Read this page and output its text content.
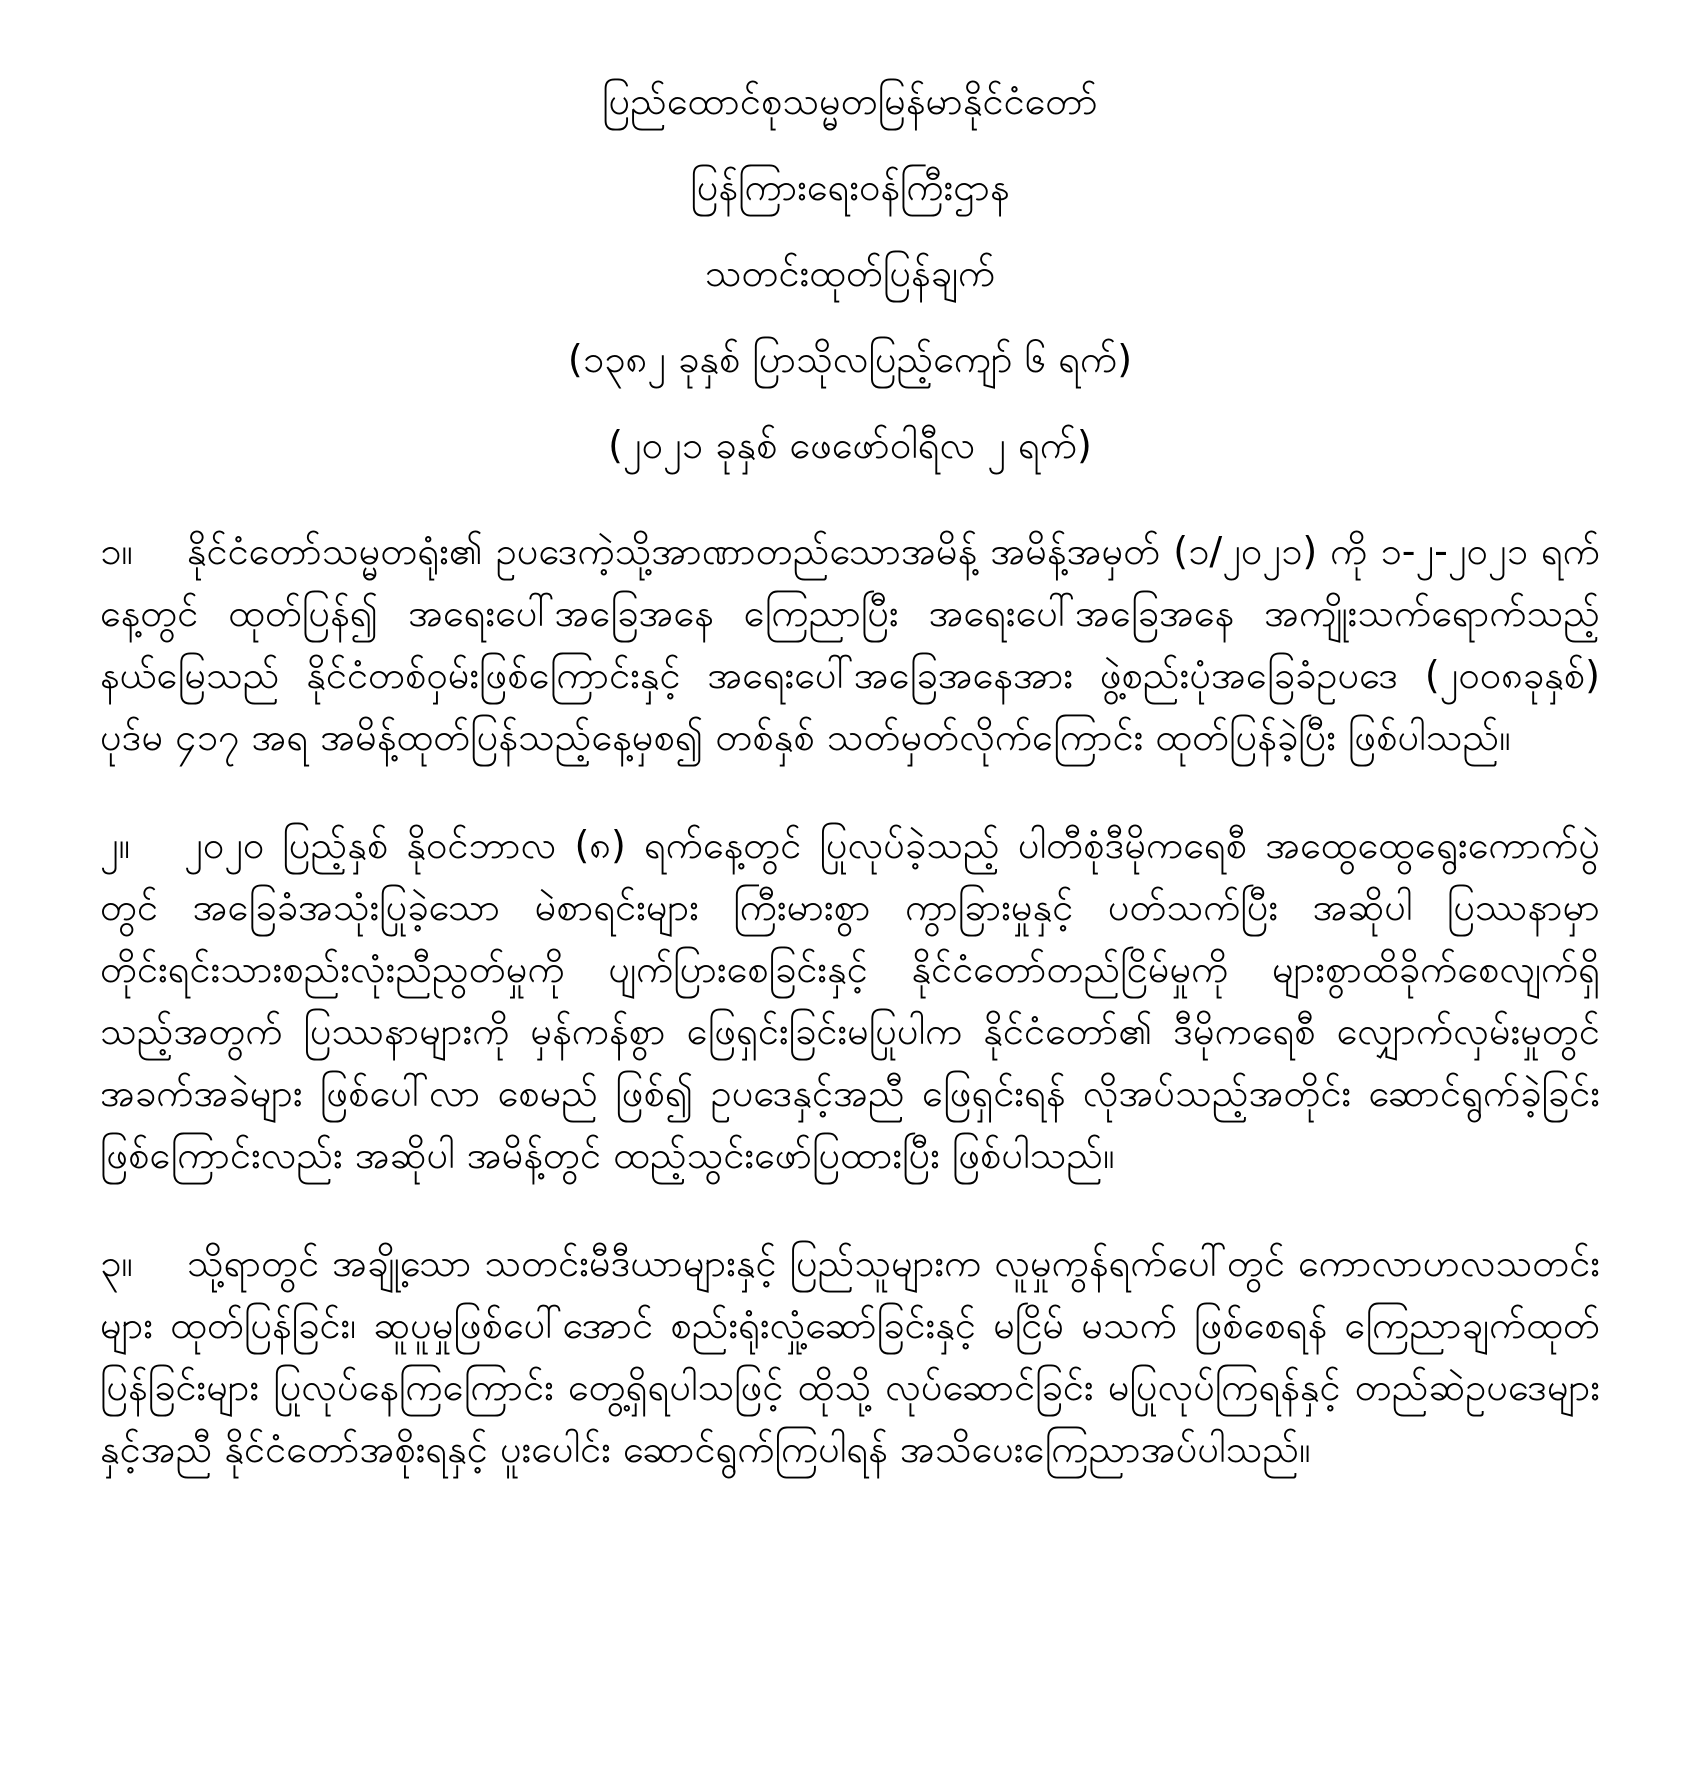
ပြည်ထောင်စုသမ္မတမြန်မာနိုင်ငံတော်
ပြန်ကြားရေးဝန်ကြီးဌာန
သတင်းထုတ်ပြန်ချက်
(၁၃၈၂ ခုနှစ် ပြာသိုလပြည့်ကျော် ၆ ရက်)
(၂၀၂၁ ခုနှစ် ဖေဖော်ဝါရီလ ၂ ရက်)

၁။ နိုင်ငံတော်သမ္မတရုံး၏ ဥပဒေကဲ့သို့အာဏာတည်သောအမိန့် အမိန့်အမှတ် (၁/၂၀၂၁) ကို ၁-၂-၂၀၂၁ ရက်နေ့တွင် ထုတ်ပြန်၍ အရေးပေါ်အခြေအနေ ကြေညာပြီး အရေးပေါ်အခြေအနေ အကျိုးသက်ရောက်သည့် နယ်မြေသည် နိုင်ငံတစ်ဝှမ်းဖြစ်ကြောင်းနှင့် အရေးပေါ်အခြေအနေအား ဖွဲ့စည်းပုံအခြေခံဥပဒေ (၂၀၀၈ခုနှစ်) ပုဒ်မ ၄၁၇ အရ အမိန့်ထုတ်ပြန်သည့်နေ့မှစ၍ တစ်နှစ် သတ်မှတ်လိုက်ကြောင်း ထုတ်ပြန်ခဲ့ပြီး ဖြစ်ပါသည်။

၂။ ၂၀၂၀ ပြည့်နှစ် နိုဝင်ဘာလ (၈) ရက်နေ့တွင် ပြုလုပ်ခဲ့သည့် ပါတီစုံဒီမိုကရေစီ အထွေထွေရွေးကောက်ပွဲတွင် အခြေခံအသုံးပြုခဲ့သော မဲစာရင်းများ ကြီးမားစွာ ကွာခြားမှုနှင့် ပတ်သက်ပြီး အဆိုပါ ပြဿနာမှာ တိုင်းရင်းသားစည်းလုံးညီညွတ်မှုကို ပျက်ပြားစေခြင်းနှင့် နိုင်ငံတော်တည်ငြိမ်မှုကို များစွာထိခိုက်စေလျက်ရှိသည့်အတွက် ပြဿနာများကို မှန်ကန်စွာ ဖြေရှင်းခြင်းမပြုပါက နိုင်ငံတော်၏ ဒီမိုကရေစီ လျှောက်လှမ်းမှုတွင် အခက်အခဲများ ဖြစ်ပေါ်လာ စေမည် ဖြစ်၍ ဥပဒေနှင့်အညီ ဖြေရှင်းရန် လိုအပ်သည့်အတိုင်း ဆောင်ရွက်ခဲ့ခြင်းဖြစ်ကြောင်းလည်း အဆိုပါ အမိန့်တွင် ထည့်သွင်းဖော်ပြထားပြီး ဖြစ်ပါသည်။

၃။ သို့ရာတွင် အချို့သော သတင်းမီဒီယာများနှင့် ပြည်သူများက လူမှုကွန်ရက်ပေါ်တွင် ကောလာဟလသတင်းများ ထုတ်ပြန်ခြင်း၊ ဆူပူမှုဖြစ်ပေါ်အောင် စည်းရုံးလှုံ့ဆော်ခြင်းနှင့် မငြိမ် မသက် ဖြစ်စေရန် ကြေညာချက်ထုတ်ပြန်ခြင်းများ ပြုလုပ်နေကြကြောင်း တွေ့ရှိရပါသဖြင့် ထိုသို့ လုပ်ဆောင်ခြင်း မပြုလုပ်ကြရန်နှင့် တည်ဆဲဥပဒေများနှင့်အညီ နိုင်ငံတော်အစိုးရနှင့် ပူးပေါင်း ဆောင်ရွက်ကြပါရန် အသိပေးကြေညာအပ်ပါသည်။
